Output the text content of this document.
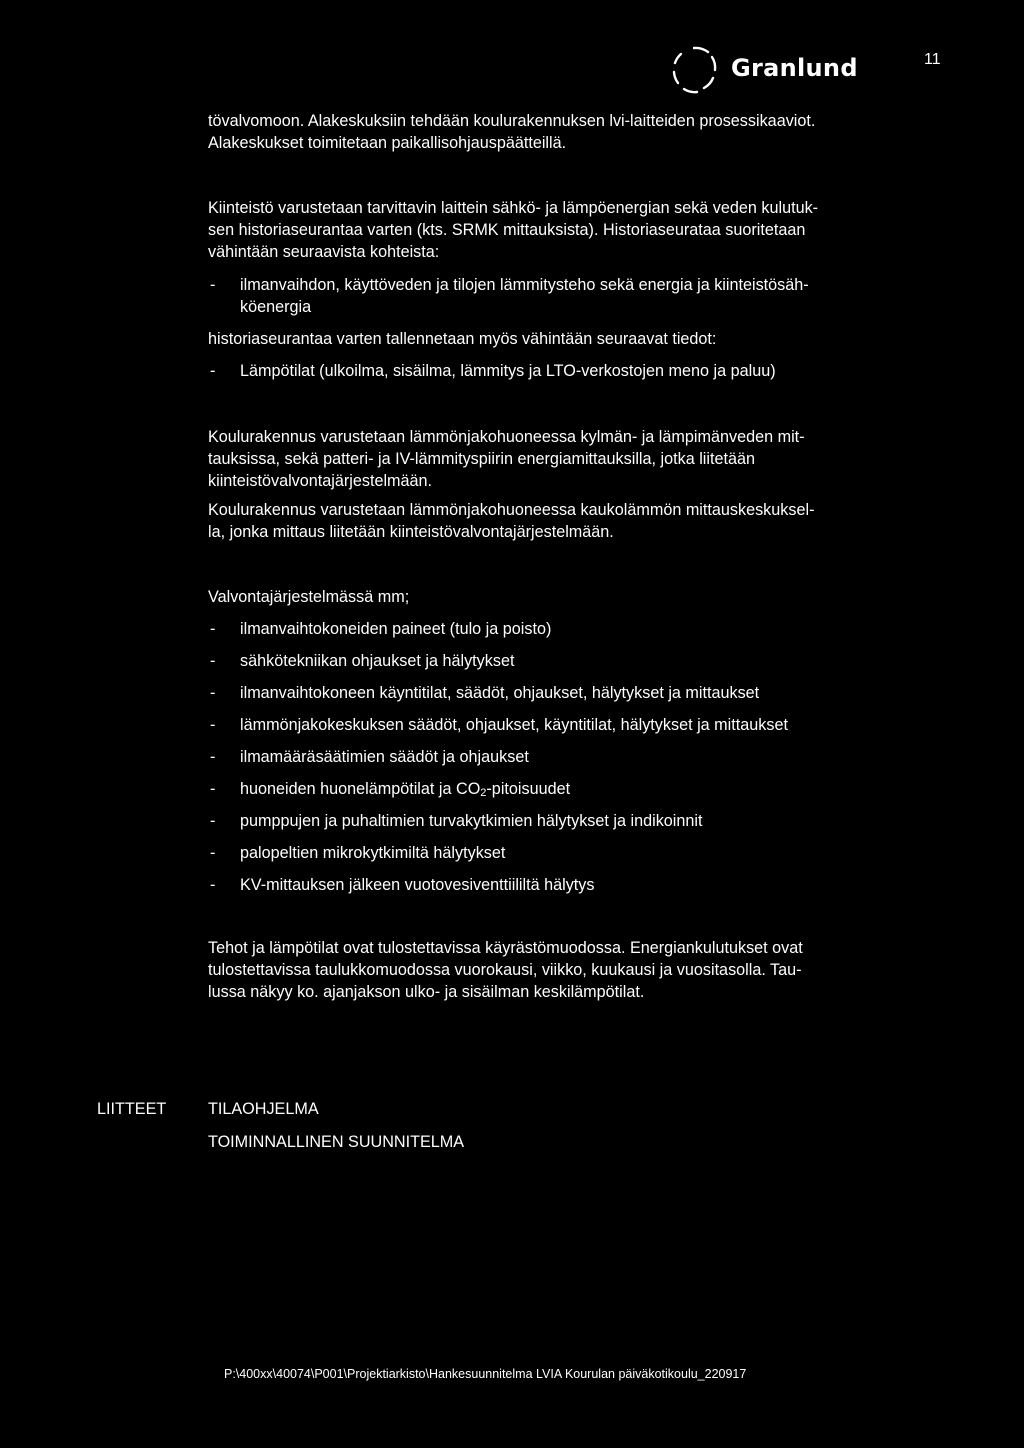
Granlund	11

tövalvomoon. Alakeskuksiin tehdään koulurakennuksen lvi-laitteiden prosessikaaviot.

Alakeskukset toimitetaan paikallisohjauspäätteillä.

Kiinteistö varustetaan tarvittavin laittein sähkö- ja lämpöenergian sekä veden kulutuk-

sen historiaseurantaa varten (kts. SRMK mittauksista). Historiaseurataa suoritetaan

vähintään seuraavista kohteista:

- ilmanvaihdon, käyttöveden ja tilojen lämmitysteho sekä energia ja kiinteistösäh-
köenergia

historiaseurantaa varten tallennetaan myös vähintään seuraavat tiedot:

- Lämpötilat (ulkoilma, sisäilma, lämmitys ja LTO-verkostojen meno ja paluu)

Koulurakennus varustetaan lämmönjakohuoneessa kylmän- ja lämpimänveden mit-

tauksissa, sekä patteri- ja IV-lämmityspiirin energiamittauksilla, jotka liitetään

kiinteistövalvontajärjestelmään.

Koulurakennus varustetaan lämmönjakohuoneessa kaukolämmön mittauskeskuksel-

la, jonka mittaus liitetään kiinteistövalvontajärjestelmään.

Valvontajärjestelmässä mm;

- ilmanvaihtokoneiden paineet (tulo ja poisto)
- sähkötekniikan ohjaukset ja hälytykset
- ilmanvaihtokoneen käyntitilat, säädöt, ohjaukset, hälytykset ja mittaukset
- lämmönjakokeskuksen säädöt, ohjaukset, käyntitilat, hälytykset ja mittaukset
- ilmamääräsäätimien säädöt ja ohjaukset
- huoneiden huonelämpötilat ja CO2-pitoisuudet
- pumppujen ja puhaltimien turvakytkimien hälytykset ja indikoinnit
- palopeltien mikrokytkimiltä hälytykset
- KV-mittauksen jälkeen vuotovesiventtiililtä hälytys

Tehot ja lämpötilat ovat tulostettavissa käyrästömuodossa. Energiankulutukset ovat

tulostettavissa taulukkomuodossa vuorokausi, viikko, kuukausi ja vuositasolla. Tau-

lussa näkyy ko. ajanjakson ulko- ja sisäilman keskilämpötilat.

LIITTEET	TILAOHJELMA
TOIMINNALLINEN SUUNNITELMA
P:\400xx\40074\P001\Projektiarkisto\Hankesuunnitelma LVIA Kourulan päiväkotikoulu_220917
